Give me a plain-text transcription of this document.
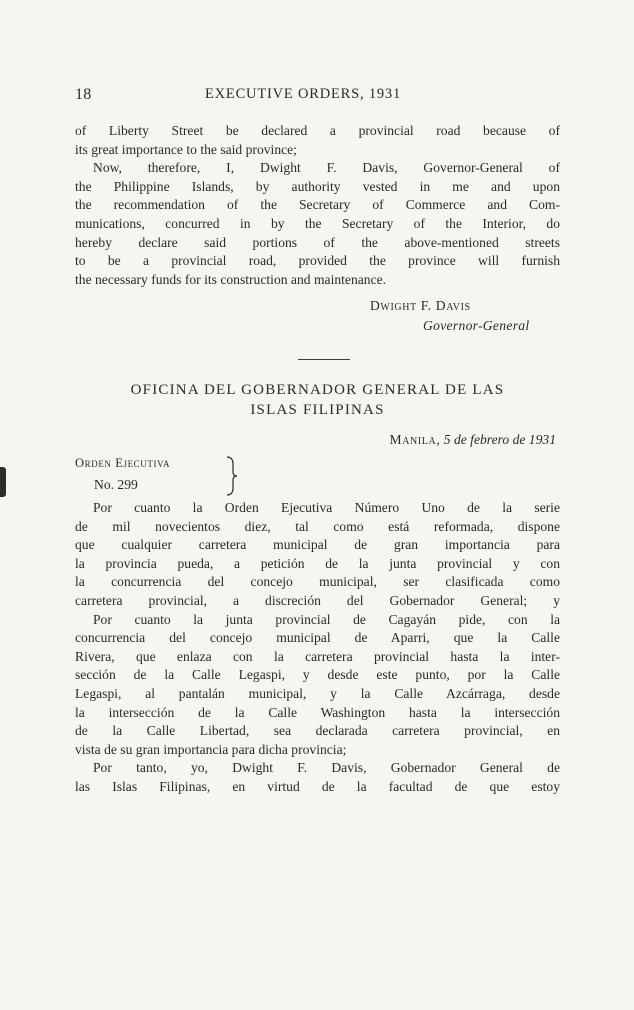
18	EXECUTIVE ORDERS, 1931
of Liberty Street be declared a provincial road because of
its great importance to the said province;
Now, therefore, I, Dwight F. Davis, Governor-General of
the Philippine Islands, by authority vested in me and upon
the recommendation of the Secretary of Commerce and Com-
munications, concurred in by the Secretary of the Interior, do
hereby declare said portions of the above-mentioned streets
to be a provincial road, provided the province will furnish
the necessary funds for its construction and maintenance.
Dwight F. Davis
Governor-General
OFICINA DEL GOBERNADOR GENERAL DE LAS
ISLAS FILIPINAS
Manila, 5 de febrero de 1931
Orden Ejecutiva
No. 299
Por cuanto la Orden Ejecutiva Número Uno de la serie
de mil novecientos diez, tal como está reformada, dispone
que cualquier carretera municipal de gran importancia para
la provincia pueda, a petición de la junta provincial y con
la concurrencia del concejo municipal, ser clasificada como
carretera provincial, a discreción del Gobernador General; y
Por cuanto la junta provincial de Cagayán pide, con la
concurrencia del concejo municipal de Aparri, que la Calle
Rivera, que enlaza con la carretera provincial hasta la inter-
sección de la Calle Legaspi, y desde este punto, por la Calle
Legaspi, al pantalán municipal, y la Calle Azcárraga, desde
la intersección de la Calle Washington hasta la intersección
de la Calle Libertad, sea declarada carretera provincial, en
vista de su gran importancia para dicha provincia;
Por tanto, yo, Dwight F. Davis, Gobernador General de
las Islas Filipinas, en virtud de la facultad de que estoy
